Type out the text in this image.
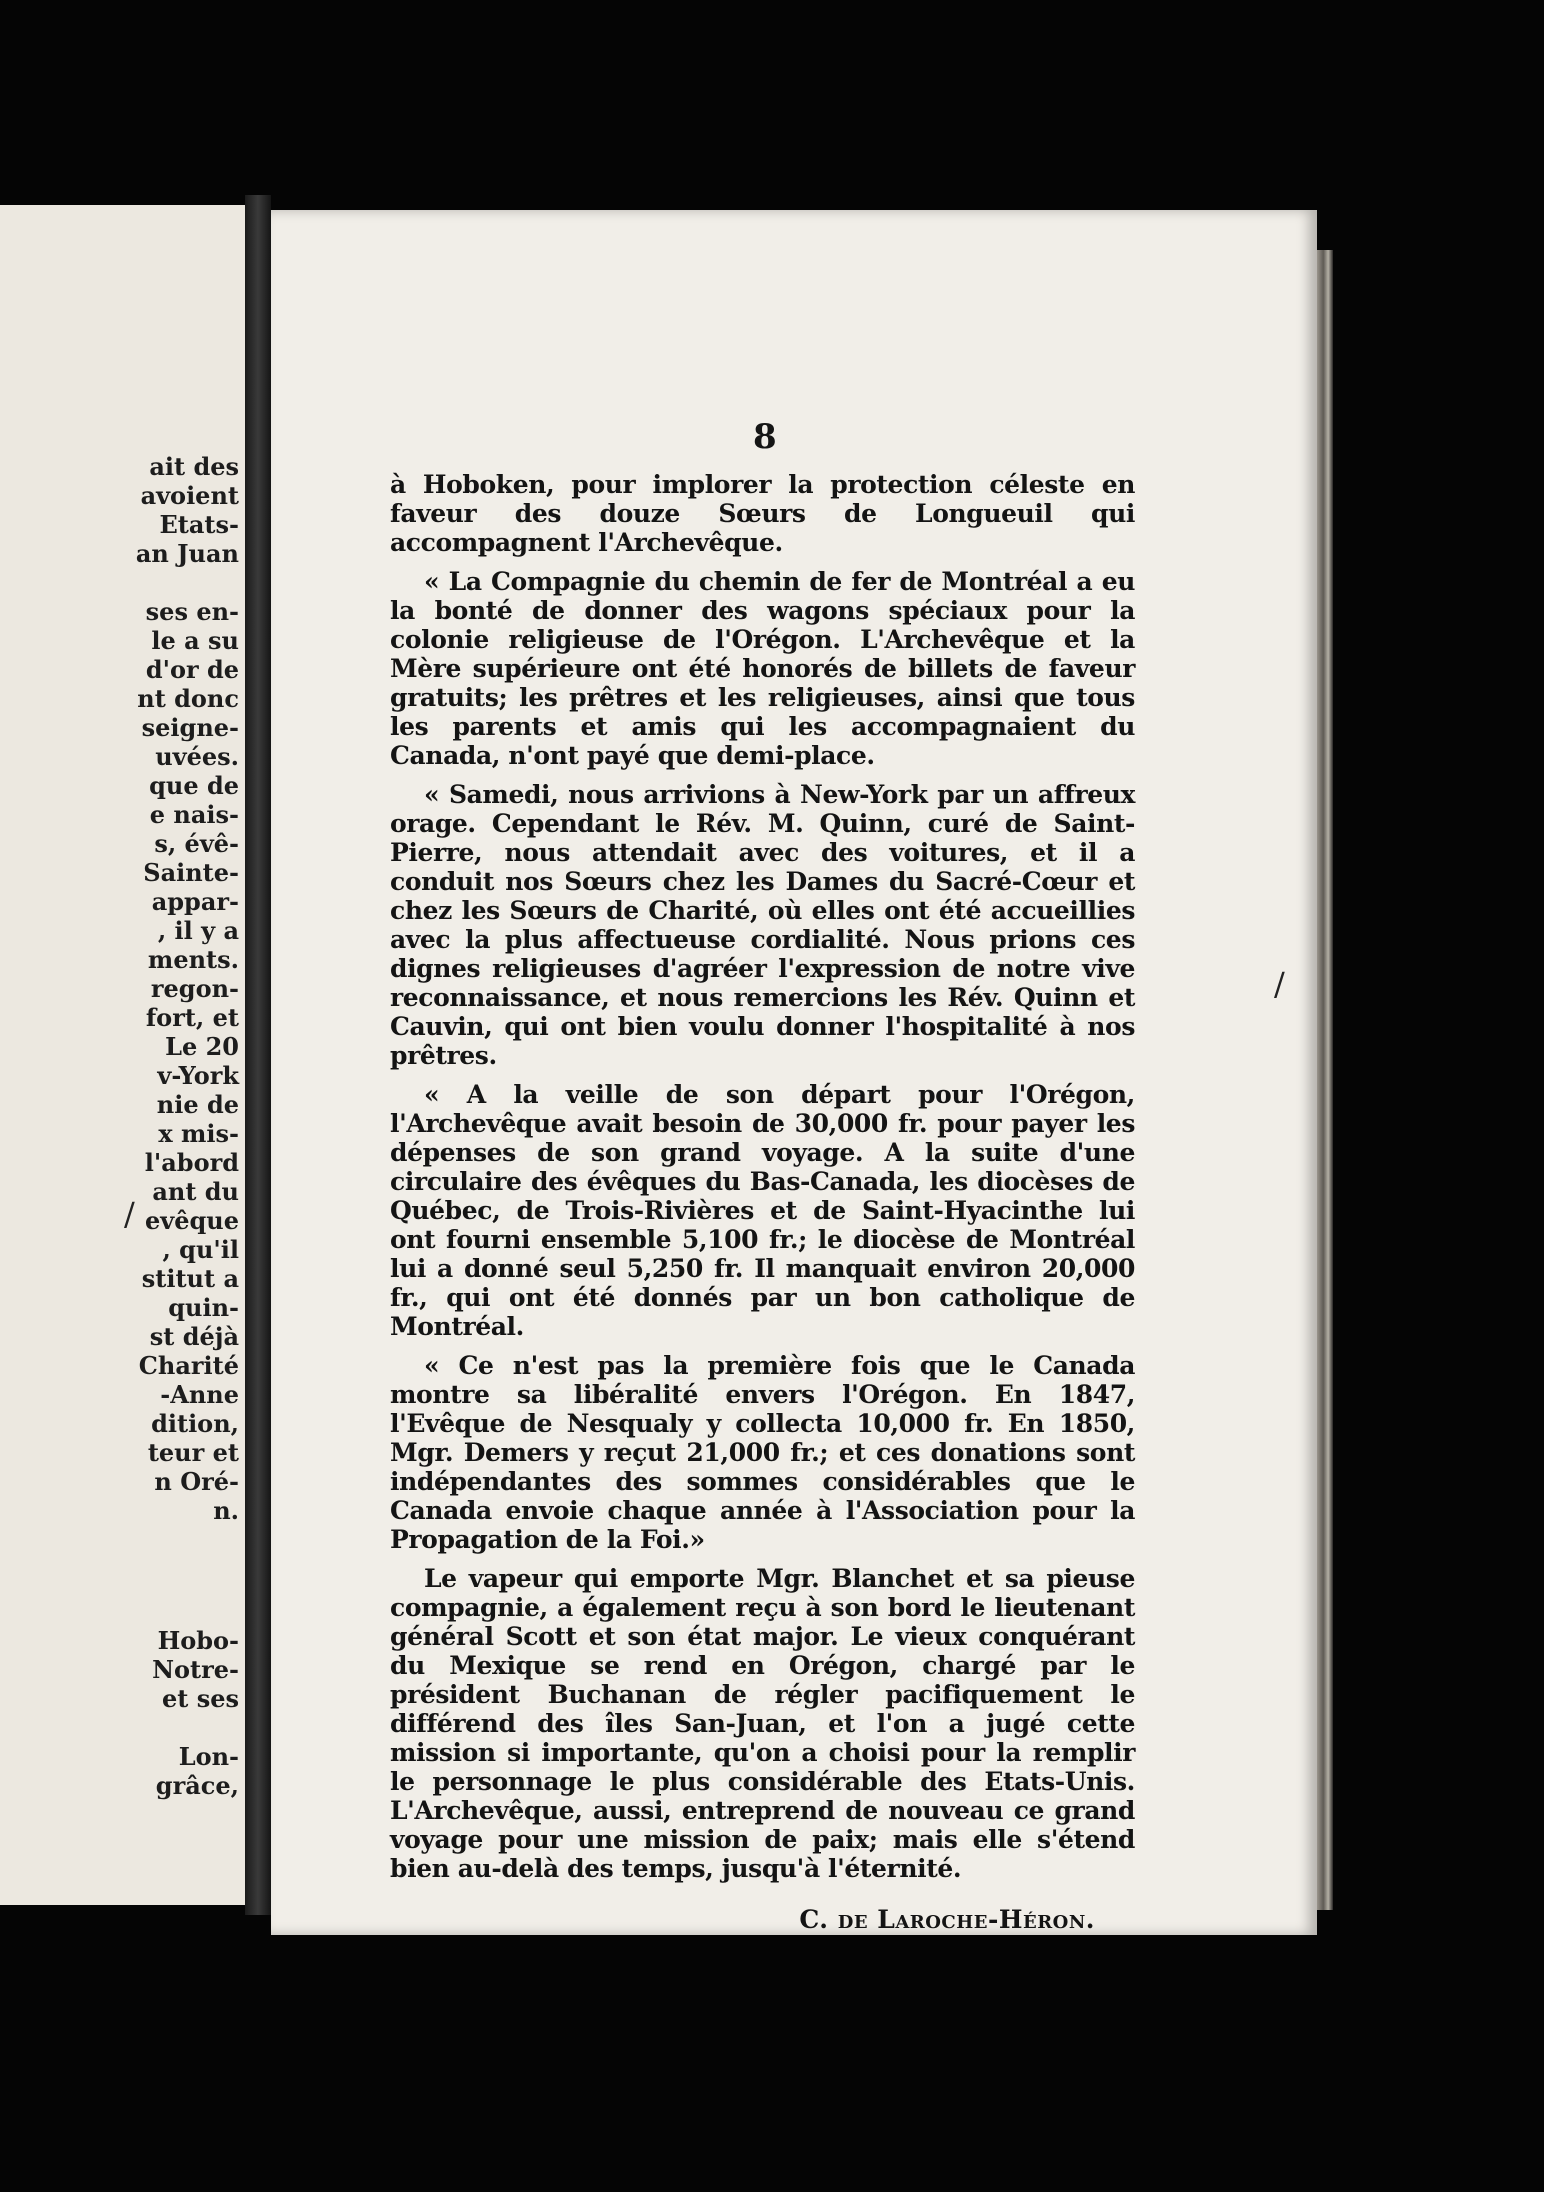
ait des

avoient

Etats-

an Juan

ses en-

le a su

d'or de

nt donc

seigne-

uvées.

que de

e nais-

s, évê-

Sainte-

appar-

, il y a

ments.

regon-

fort, et

Le 20

v-York

nie de

x mis-

l'abord

ant du

evêque

, qu'il

stitut a

quin-

st déjà

Charité

-Anne

dition,

teur et

n Oré-

n.

Hobo-

Notre-

et ses

Lon-

grâce,

8

à Hoboken, pour implorer la protection céleste en faveur des douze Sœurs de Longueuil qui accompagnent l'Archevêque.

« La Compagnie du chemin de fer de Montréal a eu la bonté de donner des wagons spéciaux pour la colonie religieuse de l'Orégon. L'Archevêque et la Mère supérieure ont été honorés de billets de faveur gratuits; les prêtres et les religieuses, ainsi que tous les parents et amis qui les accompagnaient du Canada, n'ont payé que demi-place.

« Samedi, nous arrivions à New-York par un affreux orage. Cependant le Rév. M. Quinn, curé de Saint-Pierre, nous attendait avec des voitures, et il a conduit nos Sœurs chez les Dames du Sacré-Cœur et chez les Sœurs de Charité, où elles ont été accueillies avec la plus affectueuse cordialité. Nous prions ces dignes religieuses d'agréer l'expression de notre vive reconnaissance, et nous remercions les Rév. Quinn et Cauvin, qui ont bien voulu donner l'hospitalité à nos prêtres.

« A la veille de son départ pour l'Orégon, l'Archevêque avait besoin de 30,000 fr. pour payer les dépenses de son grand voyage. A la suite d'une circulaire des évêques du Bas-Canada, les diocèses de Québec, de Trois-Rivières et de Saint-Hyacinthe lui ont fourni ensemble 5,100 fr.; le diocèse de Montréal lui a donné seul 5,250 fr. Il manquait environ 20,000 fr., qui ont été donnés par un bon catholique de Montréal.

« Ce n'est pas la première fois que le Canada montre sa libéralité envers l'Orégon. En 1847, l'Evêque de Nesqualy y collecta 10,000 fr. En 1850, Mgr. Demers y reçut 21,000 fr.; et ces donations sont indépendantes des sommes considérables que le Canada envoie chaque année à l'Association pour la Propagation de la Foi.»

Le vapeur qui emporte Mgr. Blanchet et sa pieuse compagnie, a également reçu à son bord le lieutenant général Scott et son état major. Le vieux conquérant du Mexique se rend en Orégon, chargé par le président Buchanan de régler pacifiquement le différend des îles San-Juan, et l'on a jugé cette mission si importante, qu'on a choisi pour la remplir le personnage le plus considérable des Etats-Unis. L'Archevêque, aussi, entreprend de nouveau ce grand voyage pour une mission de paix; mais elle s'étend bien au-delà des temps, jusqu'à l'éternité.

C. de Laroche-Héron.
/
/
